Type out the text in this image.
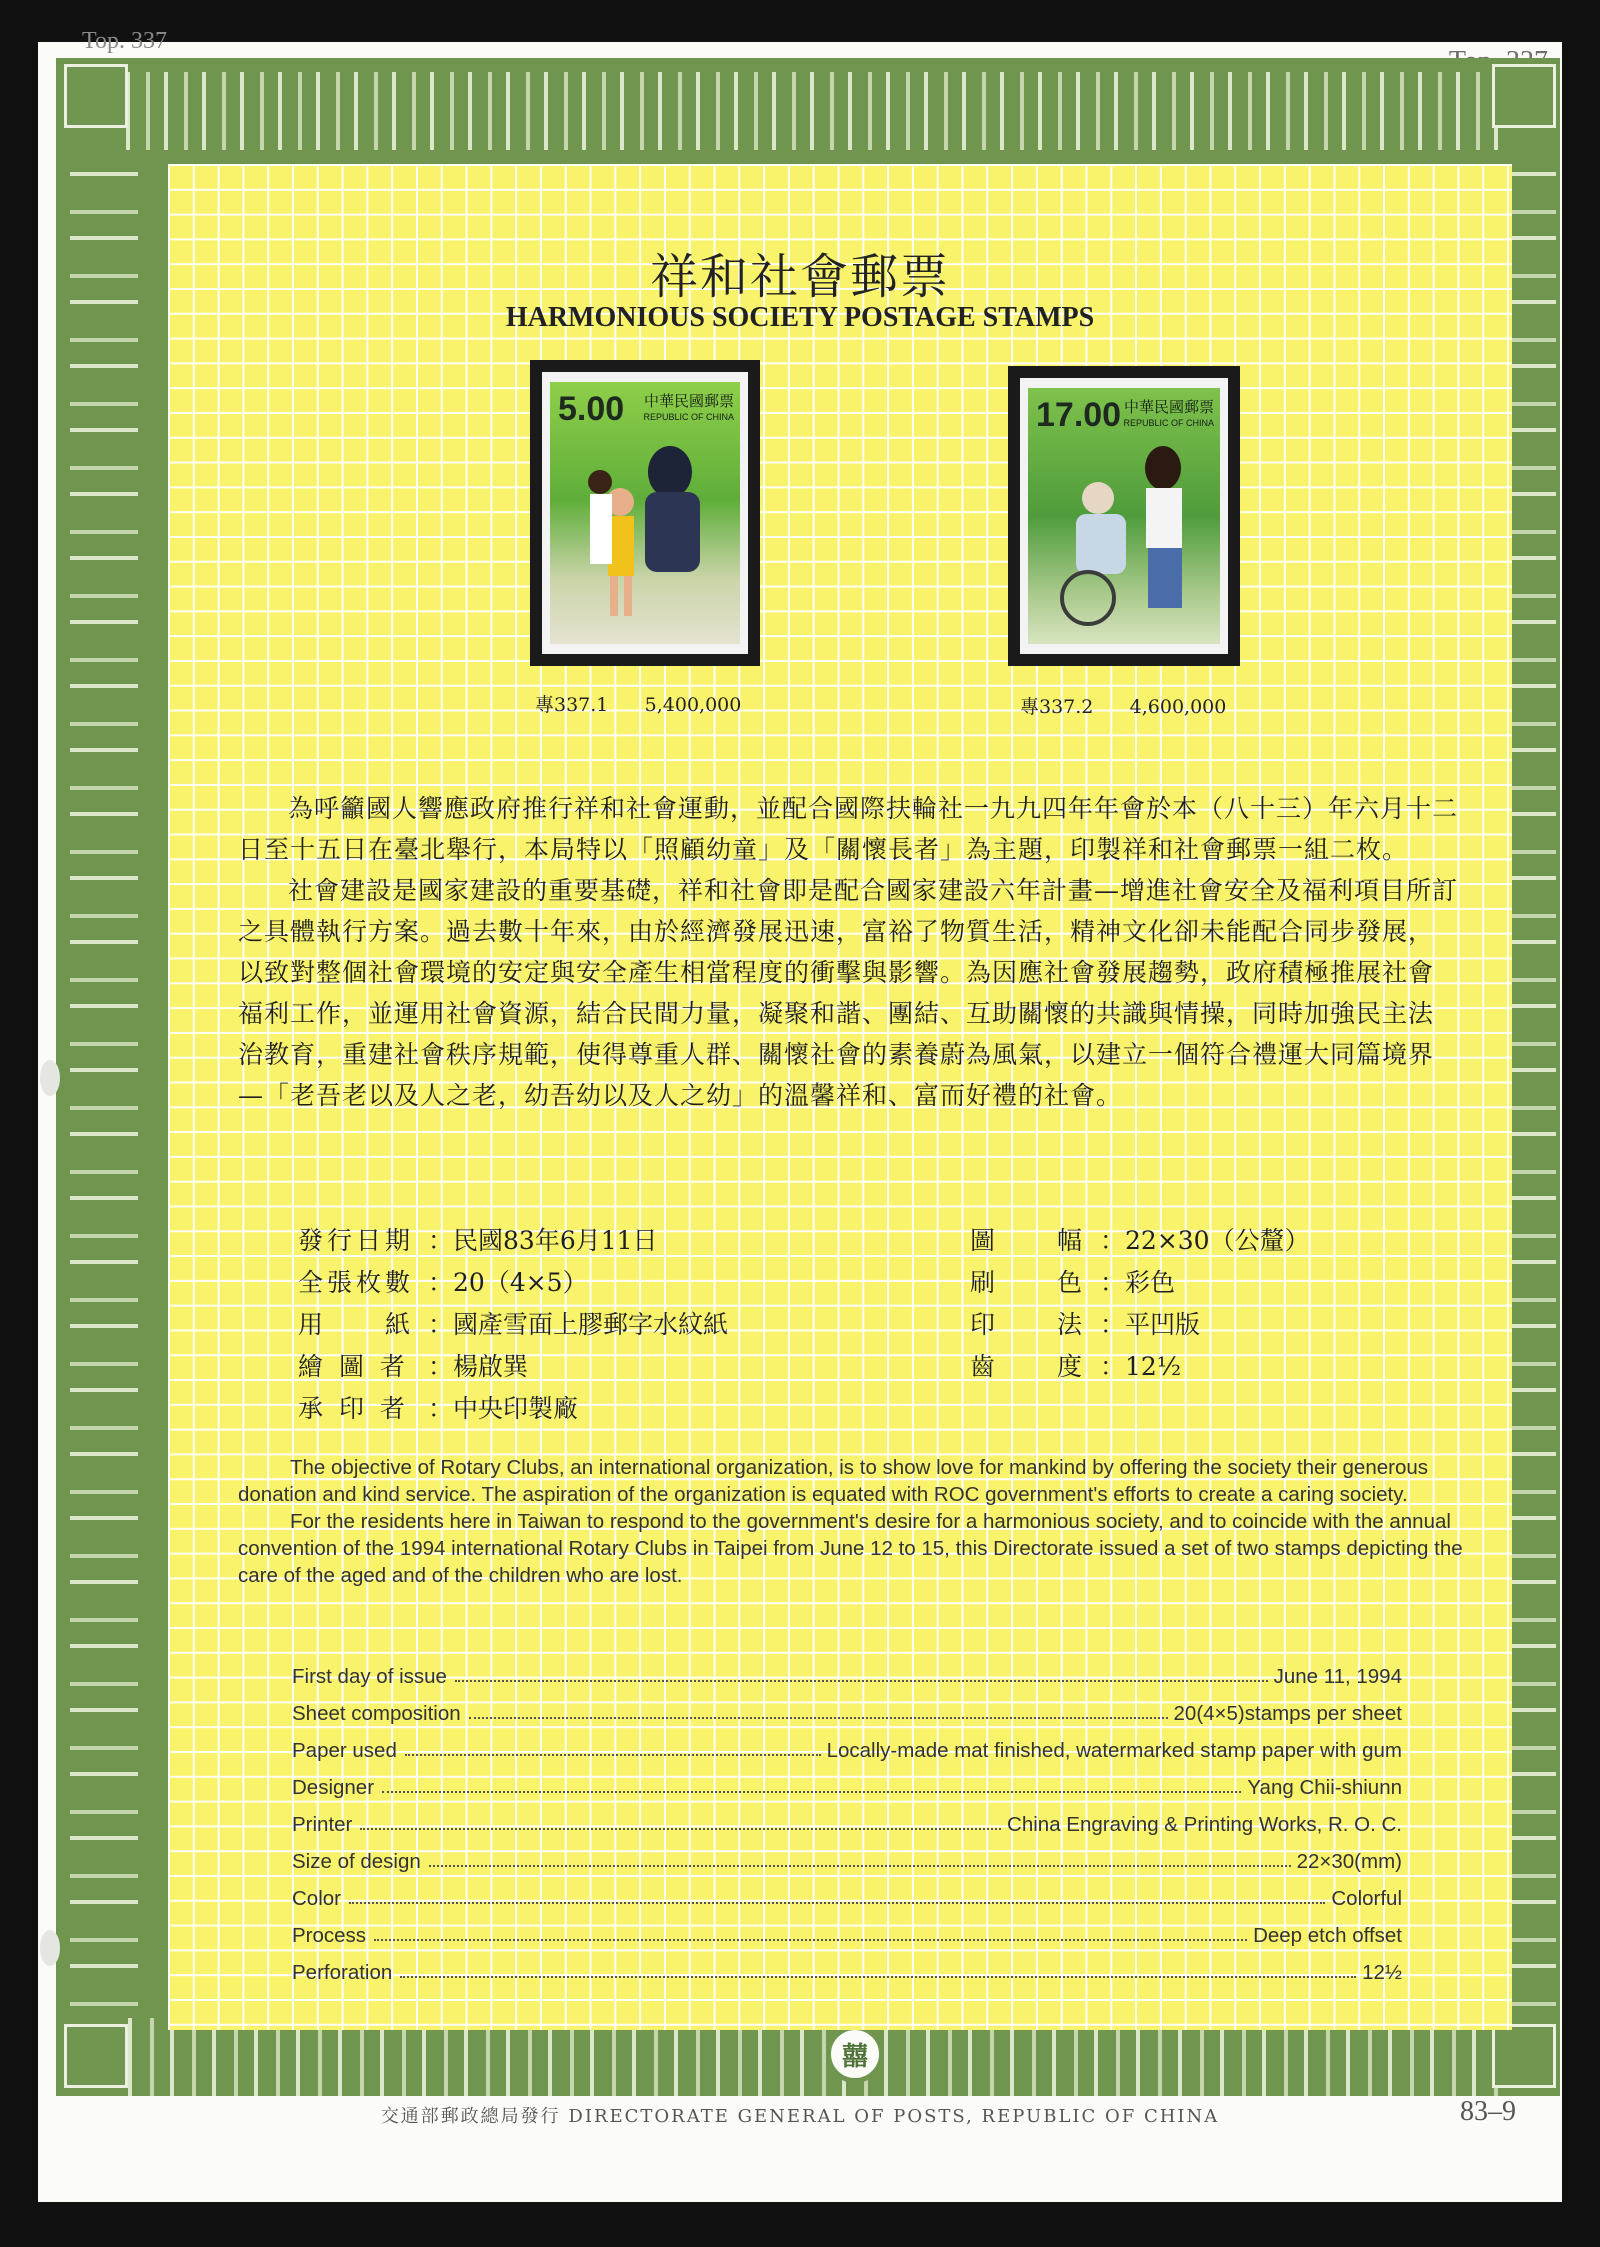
Top. 337
囍
祥和社會郵票
HARMONIOUS SOCIETY POSTAGE STAMPS
5.00 中華民國郵票
REPUBLIC OF CHINA	17.00 中華民國郵票
REPUBLIC OF CHINA
專337.1 5,400,000	專337.2 4,600,000

為呼籲國人響應政府推行祥和社會運動，並配合國際扶輪社一九九四年年會於本（八十三）年六月十二日至十五日在臺北舉行，本局特以「照顧幼童」及「關懷長者」為主題，印製祥和社會郵票一組二枚。

社會建設是國家建設的重要基礎，祥和社會即是配合國家建設六年計畫—增進社會安全及福利項目所訂之具體執行方案。過去數十年來，由於經濟發展迅速，富裕了物質生活，精神文化卻未能配合同步發展，以致對整個社會環境的安定與安全產生相當程度的衝擊與影響。為因應社會發展趨勢，政府積極推展社會福利工作，並運用社會資源，結合民間力量，凝聚和諧、團結、互助關懷的共識與情操，同時加強民主法治教育，重建社會秩序規範，使得尊重人群、關懷社會的素養蔚為風氣，以建立一個符合禮運大同篇境界—「老吾老以及人之老，幼吾幼以及人之幼」的溫馨祥和、富而好禮的社會。

發行日期 ： 民國83年6月11日
全張枚數 ： 20（4×5）
用　　紙 ： 國產雪面上膠郵字水紋紙
繪 圖 者 ： 楊啟巽
承 印 者 ： 中央印製廠
圖　　幅 ： 22×30（公釐）
刷　　色 ： 彩色
印　　法 ： 平凹版
齒　　度 ： 12½

The objective of Rotary Clubs, an international organization, is to show love for mankind by offering the society their generous donation and kind service. The aspiration of the organization is equated with ROC government's efforts to create a caring society.

For the residents here in Taiwan to respond to the government's desire for a harmonious society, and to coincide with the annual convention of the 1994 international Rotary Clubs in Taipei from June 12 to 15, this Directorate issued a set of two stamps depicting the care of the aged and of the children who are lost.

First day of issue	June 11, 1994
Sheet composition	20(4×5)stamps per sheet
Paper used	Locally-made mat finished, watermarked stamp paper with gum
Designer	Yang Chii-shiunn
Printer	China Engraving & Printing Works, R. O. C.
Size of design	22×30(mm)
Color	Colorful
Process	Deep etch offset
Perforation	12½
交通部郵政總局發行 DIRECTORATE GENERAL OF POSTS, REPUBLIC OF CHINA	83–9
